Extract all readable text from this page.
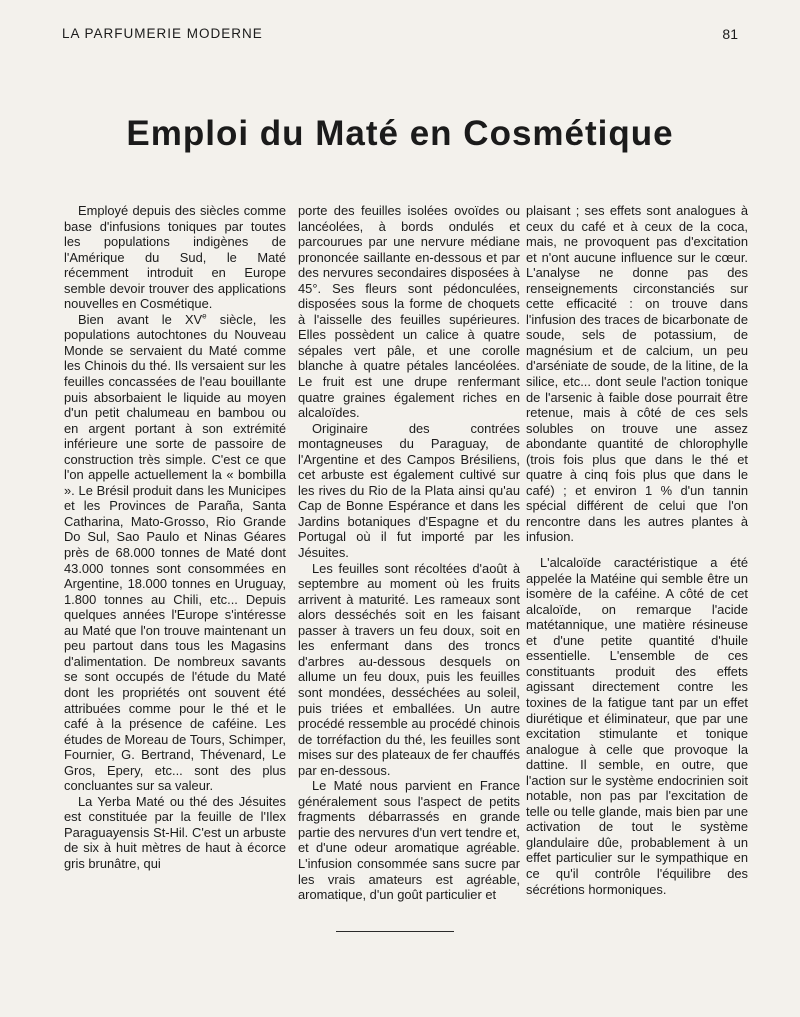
LA PARFUMERIE MODERNE	81
Emploi du Maté en Cosmétique

Employé depuis des siècles comme base d'infusions toniques par toutes les populations indigènes de l'Amérique du Sud, le Maté récemment introduit en Europe semble devoir trouver des applications nouvelles en Cosmétique.

Bien avant le XVe siècle, les populations autochtones du Nouveau Monde se servaient du Maté comme les Chinois du thé. Ils versaient sur les feuilles concassées de l'eau bouillante puis absorbaient le liquide au moyen d'un petit chalumeau en bambou ou en argent portant à son extrémité inférieure une sorte de passoire de construction très simple. C'est ce que l'on appelle actuellement la « bombilla ». Le Brésil produit dans les Municipes et les Provinces de Paraña, Santa Catharina, Mato-Grosso, Rio Grande Do Sul, Sao Paulo et Ninas Géares près de 68.000 tonnes de Maté dont 43.000 tonnes sont consommées en Argentine, 18.000 tonnes en Uruguay, 1.800 tonnes au Chili, etc... Depuis quelques années l'Europe s'intéresse au Maté que l'on trouve maintenant un peu partout dans tous les Magasins d'alimentation. De nombreux savants se sont occupés de l'étude du Maté dont les propriétés ont souvent été attribuées comme pour le thé et le café à la présence de caféine. Les études de Moreau de Tours, Schimper, Fournier, G. Bertrand, Thévenard, Le Gros, Epery, etc... sont des plus concluantes sur sa valeur.

La Yerba Maté ou thé des Jésuites est constituée par la feuille de l'Ilex Paraguayensis St-Hil. C'est un arbuste de six à huit mètres de haut à écorce gris brunâtre, qui

porte des feuilles isolées ovoïdes ou lancéolées, à bords ondulés et parcourues par une nervure médiane prononcée saillante en-dessous et par des nervures secondaires disposées à 45°. Ses fleurs sont pédonculées, disposées sous la forme de choquets à l'aisselle des feuilles supérieures. Elles possèdent un calice à quatre sépales vert pâle, et une corolle blanche à quatre pétales lancéolées. Le fruit est une drupe renfermant quatre graines également riches en alcaloïdes.

Originaire des contrées montagneuses du Paraguay, de l'Argentine et des Campos Brésiliens, cet arbuste est également cultivé sur les rives du Rio de la Plata ainsi qu'au Cap de Bonne Espérance et dans les Jardins botaniques d'Espagne et du Portugal où il fut importé par les Jésuites.

Les feuilles sont récoltées d'août à septembre au moment où les fruits arrivent à maturité. Les rameaux sont alors desséchés soit en les faisant passer à travers un feu doux, soit en les enfermant dans des troncs d'arbres au-dessous desquels on allume un feu doux, puis les feuilles sont mondées, desséchées au soleil, puis triées et emballées. Un autre procédé ressemble au procédé chinois de torréfaction du thé, les feuilles sont mises sur des plateaux de fer chauffés par en-dessous.

Le Maté nous parvient en France généralement sous l'aspect de petits fragments débarrassés en grande partie des nervures d'un vert tendre et, et d'une odeur aromatique agréable. L'infusion consommée sans sucre par les vrais amateurs est agréable, aromatique, d'un goût particulier et

plaisant ; ses effets sont analogues à ceux du café et à ceux de la coca, mais, ne provoquent pas d'excitation et n'ont aucune influence sur le cœur. L'analyse ne donne pas des renseignements circonstanciés sur cette efficacité : on trouve dans l'infusion des traces de bicarbonate de soude, sels de potassium, de magnésium et de calcium, un peu d'arséniate de soude, de la litine, de la silice, etc... dont seule l'action tonique de l'arsenic à faible dose pourrait être retenue, mais à côté de ces sels solubles on trouve une assez abondante quantité de chlorophylle (trois fois plus que dans le thé et quatre à cinq fois plus que dans le café) ; et environ 1 % d'un tannin spécial différent de celui que l'on rencontre dans les autres plantes à infusion.

L'alcaloïde caractéristique a été appelée la Matéine qui semble être un isomère de la caféine. A côté de cet alcaloïde, on remarque l'acide matétannique, une matière résineuse et d'une petite quantité d'huile essentielle. L'ensemble de ces constituants produit des effets agissant directement contre les toxines de la fatigue tant par un effet diurétique et éliminateur, que par une excitation stimulante et tonique analogue à celle que provoque la dattine. Il semble, en outre, que l'action sur le système endocrinien soit notable, non pas par l'excitation de telle ou telle glande, mais bien par une activation de tout le système glandulaire dûe, probablement à un effet particulier sur le sympathique en ce qu'il contrôle l'équilibre des sécrétions hormoniques.
